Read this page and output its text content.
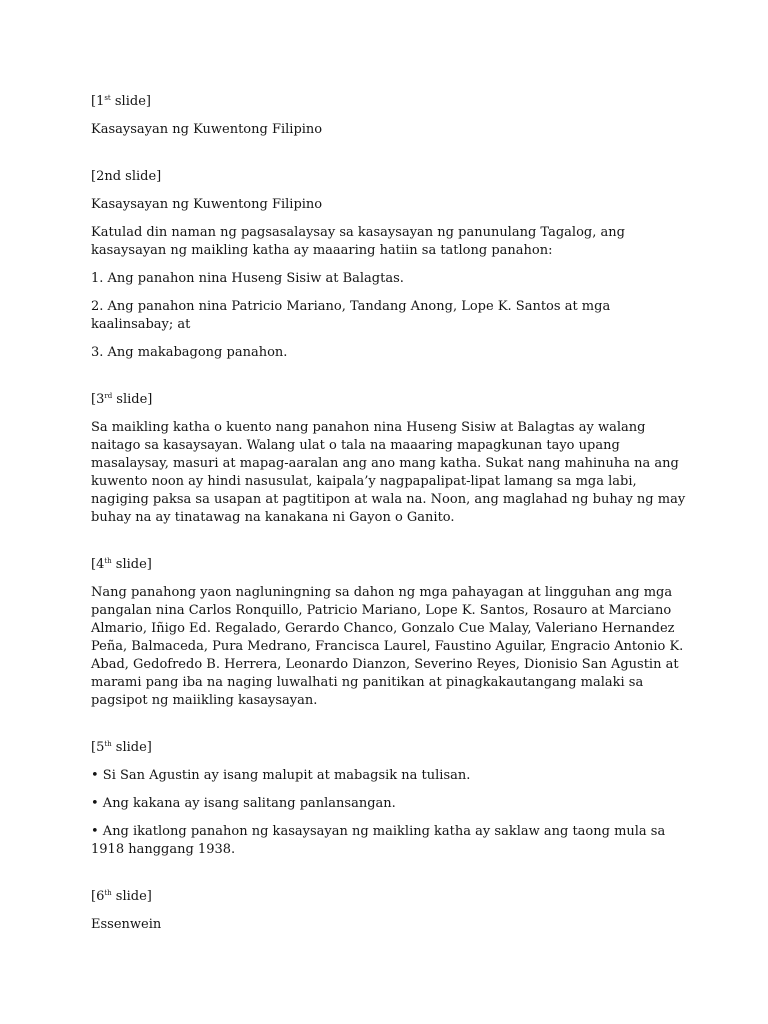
[1st slide]

Kasaysayan ng Kuwentong Filipino

[2nd slide]

Kasaysayan ng Kuwentong Filipino

Katulad din naman ng pagsasalaysay sa kasaysayan ng panunulang Tagalog, ang kasaysayan ng maikling katha ay maaaring hatiin sa tatlong panahon:

1. Ang panahon nina Huseng Sisiw at Balagtas.

2. Ang panahon nina Patricio Mariano, Tandang Anong, Lope K. Santos at mga kaalinsabay; at

3. Ang makabagong panahon.

[3rd slide]

Sa maikling katha o kuento nang panahon nina Huseng Sisiw at Balagtas ay walang naitago sa kasaysayan. Walang ulat o tala na maaaring mapagkunan tayo upang masalaysay, masuri at mapag-aaralan ang ano mang katha. Sukat nang mahinuha na ang kuwento noon ay hindi nasusulat, kaipala’y nagpapalipat-lipat lamang sa mga labi, nagiging paksa sa usapan at pagtitipon at wala na. Noon, ang maglahad ng buhay ng may buhay na ay tinatawag na kanakana ni Gayon o Ganito.

[4th slide]

Nang panahong yaon nagluningning sa dahon ng mga pahayagan at lingguhan ang mga pangalan nina Carlos Ronquillo, Patricio Mariano, Lope K. Santos, Rosauro at Marciano Almario, Iñigo Ed. Regalado, Gerardo Chanco, Gonzalo Cue Malay, Valeriano Hernandez Peña, Balmaceda, Pura Medrano, Francisca Laurel, Faustino Aguilar, Engracio Antonio K. Abad, Gedofredo B. Herrera, Leonardo Dianzon, Severino Reyes, Dionisio San Agustin at marami pang iba na naging luwalhati ng panitikan at pinagkakautangang malaki sa pagsipot ng maiikling kasaysayan.

[5th slide]

• Si San Agustin ay isang malupit at mabagsik na tulisan.

• Ang kakana ay isang salitang panlansangan.

• Ang ikatlong panahon ng kasaysayan ng maikling katha ay saklaw ang taong mula sa 1918 hanggang 1938.

[6th slide]

Essenwein
